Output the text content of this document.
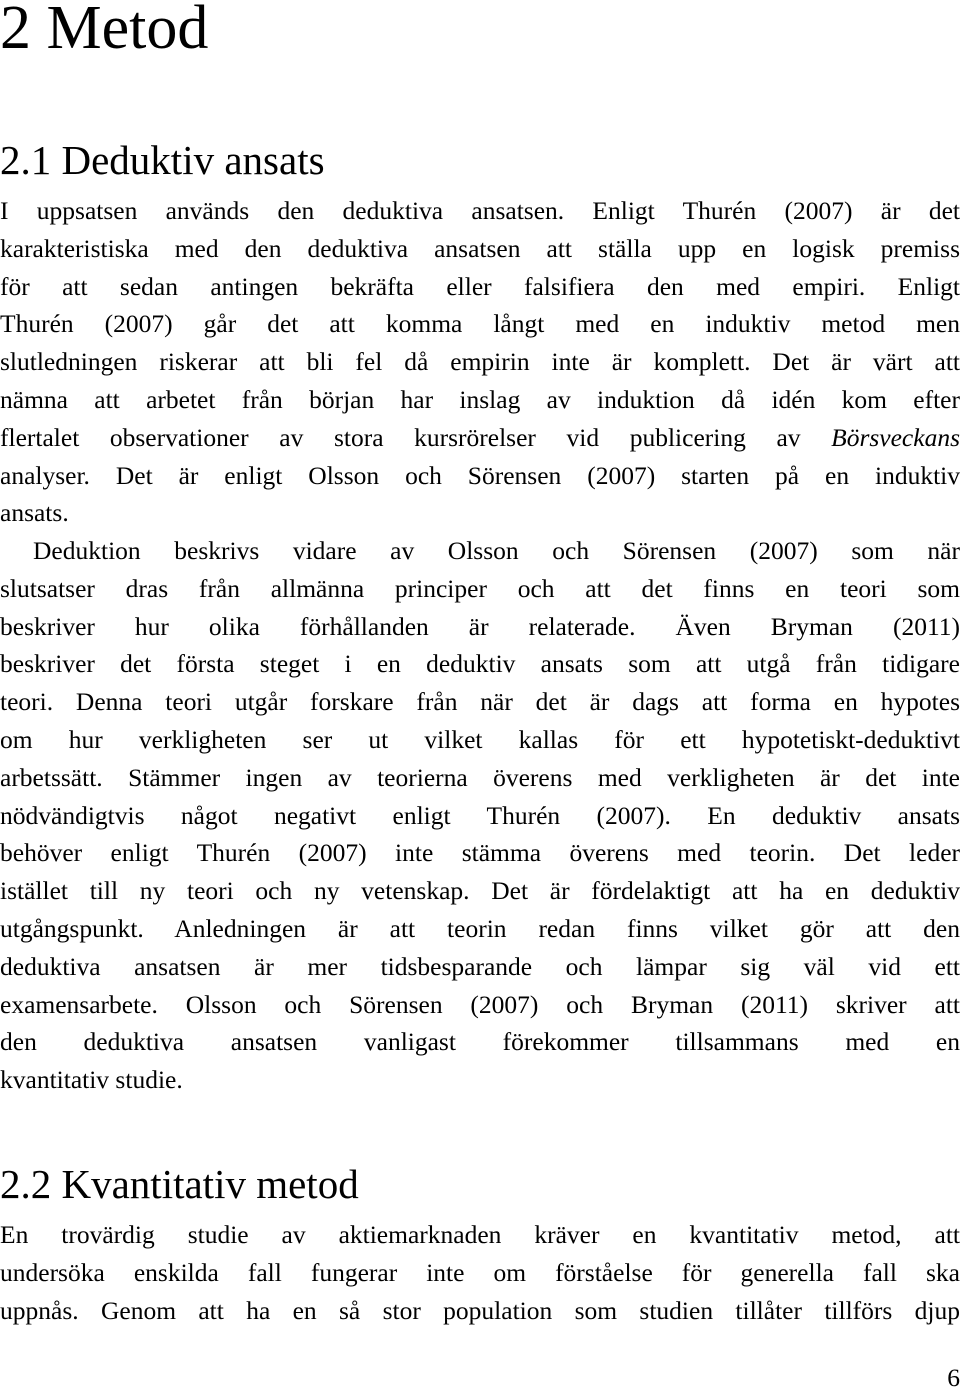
2 Metod
2.1 Deduktiv ansats
I uppsatsen används den deduktiva ansatsen. Enligt Thurén (2007) är det
karakteristiska med den deduktiva ansatsen att ställa upp en logisk premiss
för att sedan antingen bekräfta eller falsifiera den med empiri. Enligt
Thurén (2007) går det att komma långt med en induktiv metod men
slutledningen riskerar att bli fel då empirin inte är komplett. Det är värt att
nämna att arbetet från början har inslag av induktion då idén kom efter
flertalet observationer av stora kursrörelser vid publicering av Börsveckans
analyser. Det är enligt Olsson och Sörensen (2007) starten på en induktiv
ansats.
Deduktion beskrivs vidare av Olsson och Sörensen (2007) som när
slutsatser dras från allmänna principer och att det finns en teori som
beskriver hur olika förhållanden är relaterade. Även Bryman (2011)
beskriver det första steget i en deduktiv ansats som att utgå från tidigare
teori. Denna teori utgår forskare från när det är dags att forma en hypotes
om hur verkligheten ser ut vilket kallas för ett hypotetiskt-deduktivt
arbetssätt. Stämmer ingen av teorierna överens med verkligheten är det inte
nödvändigtvis något negativt enligt Thurén (2007). En deduktiv ansats
behöver enligt Thurén (2007) inte stämma överens med teorin. Det leder
istället till ny teori och ny vetenskap. Det är fördelaktigt att ha en deduktiv
utgångspunkt. Anledningen är att teorin redan finns vilket gör att den
deduktiva ansatsen är mer tidsbesparande och lämpar sig väl vid ett
examensarbete. Olsson och Sörensen (2007) och Bryman (2011) skriver att
den deduktiva ansatsen vanligast förekommer tillsammans med en
kvantitativ studie.
2.2 Kvantitativ metod
En trovärdig studie av aktiemarknaden kräver en kvantitativ metod, att
undersöka enskilda fall fungerar inte om förståelse för generella fall ska
uppnås. Genom att ha en så stor population som studien tillåter tillförs djup
6
